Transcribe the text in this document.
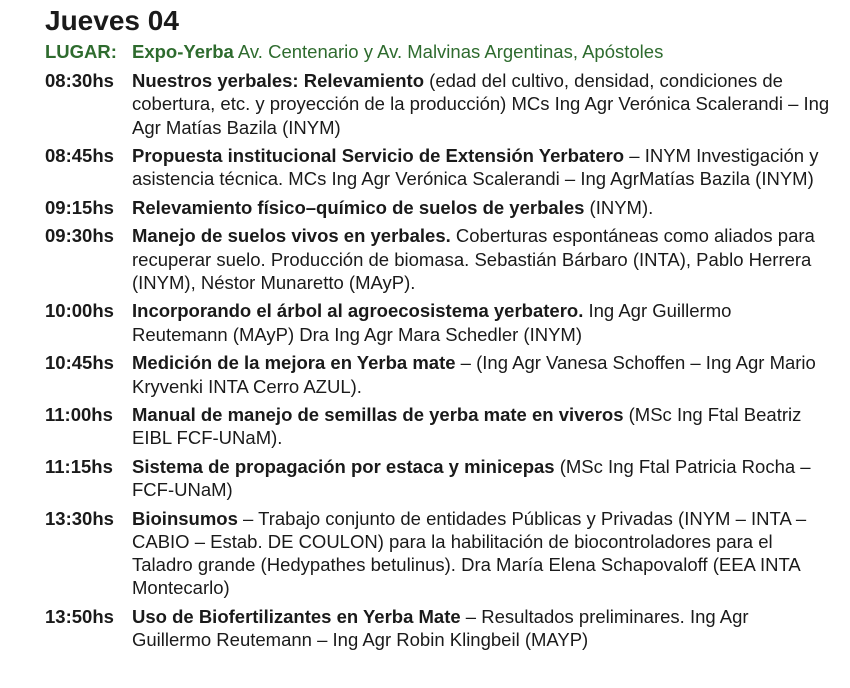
Jueves 04
LUGAR: Expo-Yerba Av. Centenario y Av. Malvinas Argentinas, Apóstoles
08:30hs Nuestros yerbales: Relevamiento (edad del cultivo, densidad, condiciones de cobertura, etc. y proyección de la producción) MCs Ing Agr Verónica Scalerandi – Ing Agr Matías Bazila (INYM)
08:45hs Propuesta institucional Servicio de Extensión Yerbatero – INYM Investigación y asistencia técnica. MCs Ing Agr Verónica Scalerandi – Ing AgrMatías Bazila (INYM)
09:15hs Relevamiento físico–químico de suelos de yerbales (INYM).
09:30hs Manejo de suelos vivos en yerbales. Coberturas espontáneas como aliados para recuperar suelo. Producción de biomasa. Sebastián Bárbaro (INTA), Pablo Herrera (INYM), Néstor Munaretto (MAyP).
10:00hs Incorporando el árbol al agroecosistema yerbatero. Ing Agr Guillermo Reutemann (MAyP) Dra Ing Agr Mara Schedler (INYM)
10:45hs Medición de la mejora en Yerba mate – (Ing Agr Vanesa Schoffen – Ing Agr Mario Kryvenki INTA Cerro AZUL).
11:00hs	Manual de manejo de semillas de yerba mate en viveros (MSc Ing Ftal Beatriz EIBL FCF-UNaM).
11:15hs	Sistema de propagación por estaca y minicepas (MSc Ing Ftal Patricia Rocha – FCF-UNaM)
13:30hs Bioinsumos – Trabajo conjunto de entidades Públicas y Privadas (INYM – INTA – CABIO – Estab. DE COULON) para la habilitación de biocontroladores para el Taladro grande (Hedypathes betulinus). Dra María Elena Schapovaloff (EEA INTA Montecarlo)
13:50hs Uso de Biofertilizantes en Yerba Mate – Resultados preliminares. Ing Agr Guillermo Reutemann – Ing Agr Robin Klingbeil (MAYP)
